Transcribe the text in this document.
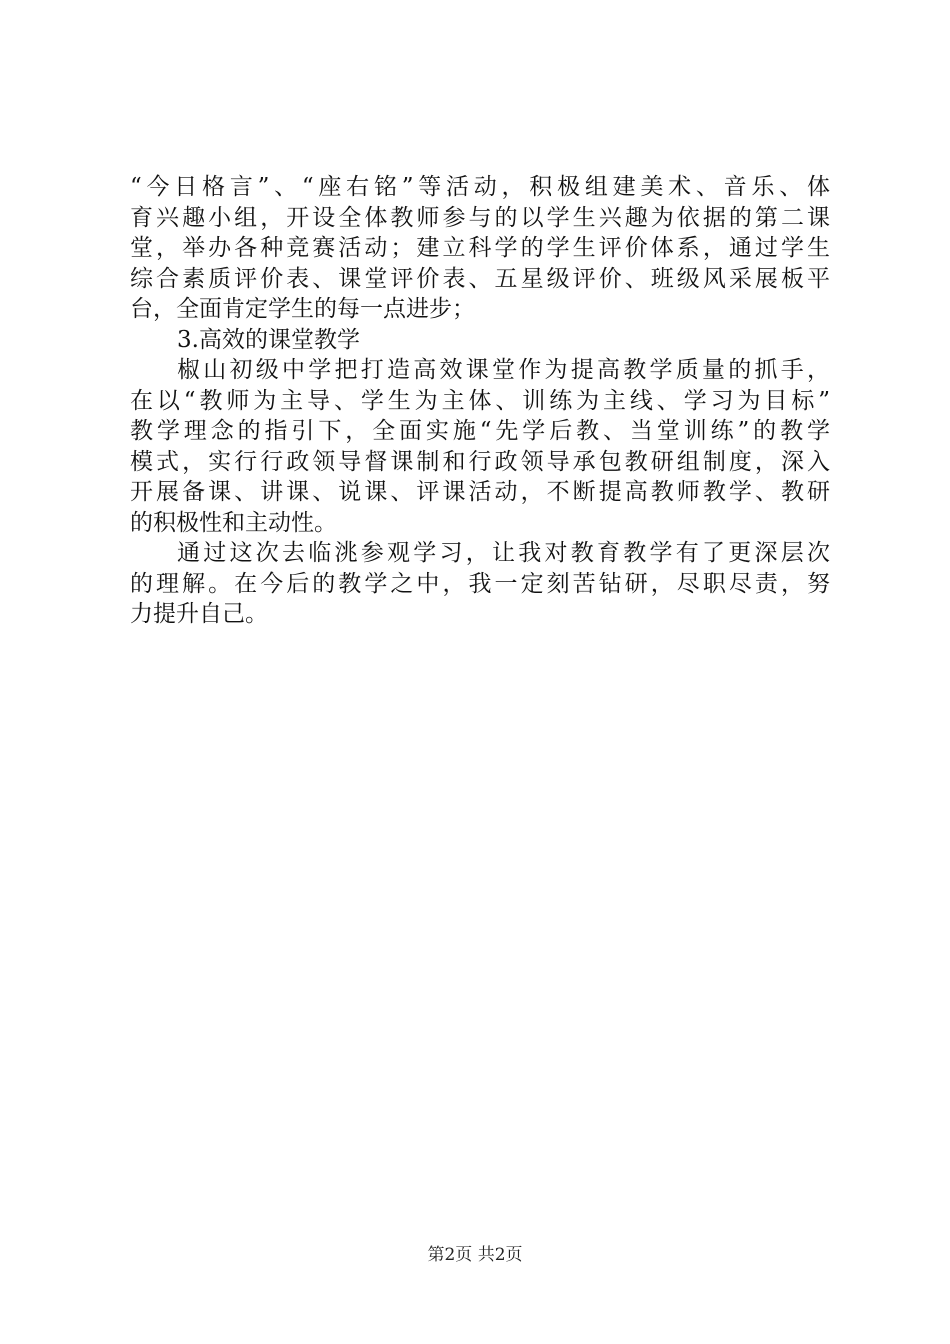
“今日格言”、“座右铭”等活动，积极组建美术、音乐、体
育兴趣小组，开设全体教师参与的以学生兴趣为依据的第二课
堂，举办各种竞赛活动；建立科学的学生评价体系，通过学生
综合素质评价表、课堂评价表、五星级评价、班级风采展板平
台，全面肯定学生的每一点进步；
3.高效的课堂教学
椒山初级中学把打造高效课堂作为提高教学质量的抓手，
在以“教师为主导、学生为主体、训练为主线、学习为目标”
教学理念的指引下，全面实施“先学后教、当堂训练”的教学
模式，实行行政领导督课制和行政领导承包教研组制度，深入
开展备课、讲课、说课、评课活动，不断提高教师教学、教研
的积极性和主动性。
通过这次去临洮参观学习，让我对教育教学有了更深层次
的理解。在今后的教学之中，我一定刻苦钻研，尽职尽责，努
力提升自己。
第2页 共2页
